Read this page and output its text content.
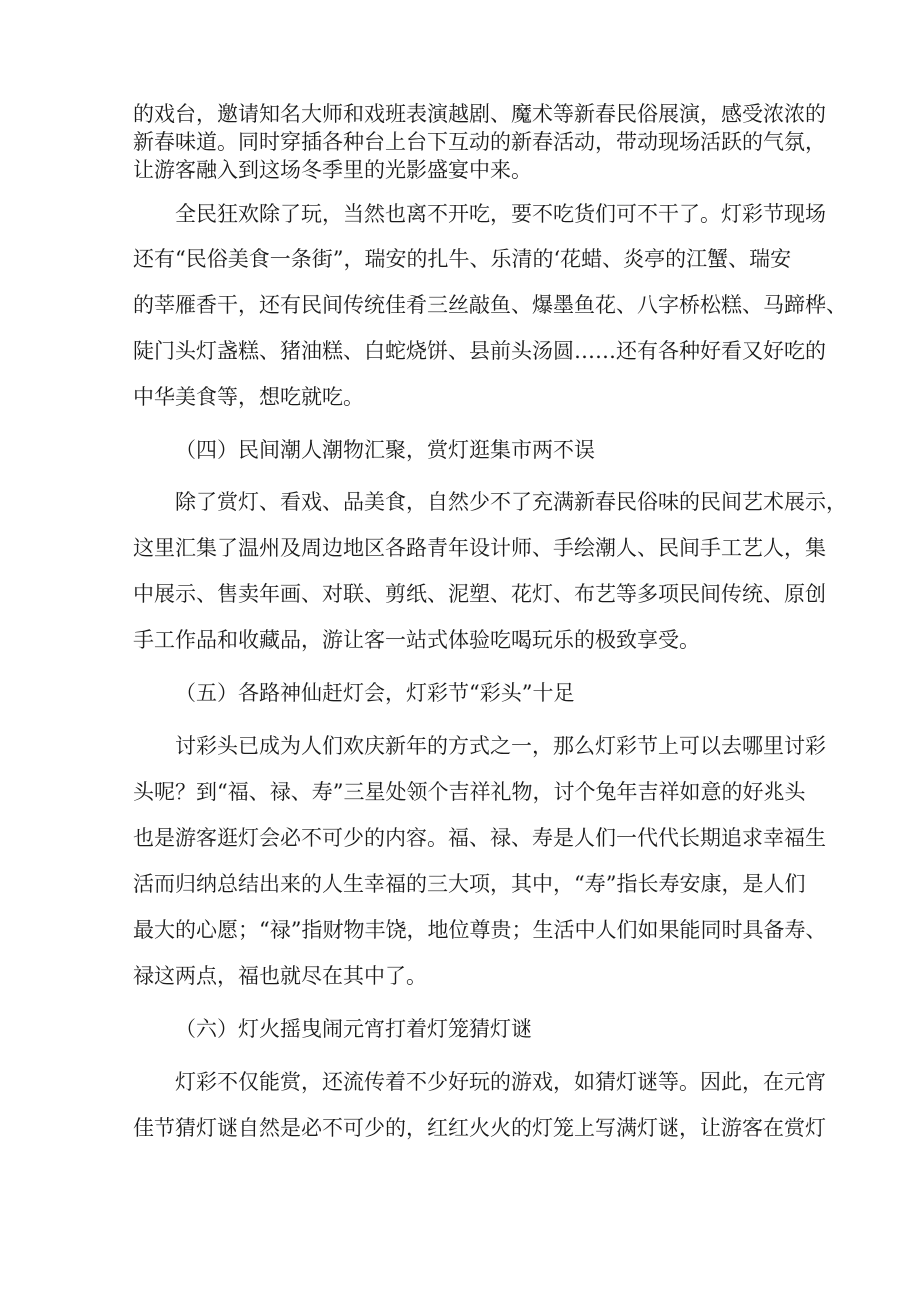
的戏台，邀请知名大师和戏班表演越剧、魔术等新春民俗展演，感受浓浓的

新春味道。同时穿插各种台上台下互动的新春活动，带动现场活跃的气氛，

让游客融入到这场冬季里的光影盛宴中来。

全民狂欢除了玩，当然也离不开吃，要不吃货们可不干了。灯彩节现场

还有“民俗美食一条街”，瑞安的扎牛、乐清的‘花蜡、炎亭的江蟹、瑞安

的莘雁香干，还有民间传统佳肴三丝敲鱼、爆墨鱼花、八字桥松糕、马蹄桦、

陡门头灯盏糕、猪油糕、白蛇烧饼、县前头汤圆……还有各种好看又好吃的

中华美食等，想吃就吃。

（四）民间潮人潮物汇聚，赏灯逛集市两不误

除了赏灯、看戏、品美食，自然少不了充满新春民俗味的民间艺术展示，

这里汇集了温州及周边地区各路青年设计师、手绘潮人、民间手工艺人，集

中展示、售卖年画、对联、剪纸、泥塑、花灯、布艺等多项民间传统、原创

手工作品和收藏品，游让客一站式体验吃喝玩乐的极致享受。

（五）各路神仙赶灯会，灯彩节“彩头”十足

讨彩头已成为人们欢庆新年的方式之一，那么灯彩节上可以去哪里讨彩

头呢？到“福、禄、寿”三星处领个吉祥礼物，讨个兔年吉祥如意的好兆头

也是游客逛灯会必不可少的内容。福、禄、寿是人们一代代长期追求幸福生

活而归纳总结出来的人生幸福的三大项，其中，“寿”指长寿安康，是人们

最大的心愿；“禄”指财物丰饶，地位尊贵；生活中人们如果能同时具备寿、

禄这两点，福也就尽在其中了。

（六）灯火摇曳闹元宵打着灯笼猜灯谜

灯彩不仅能赏，还流传着不少好玩的游戏，如猜灯谜等。因此，在元宵

佳节猜灯谜自然是必不可少的，红红火火的灯笼上写满灯谜，让游客在赏灯
